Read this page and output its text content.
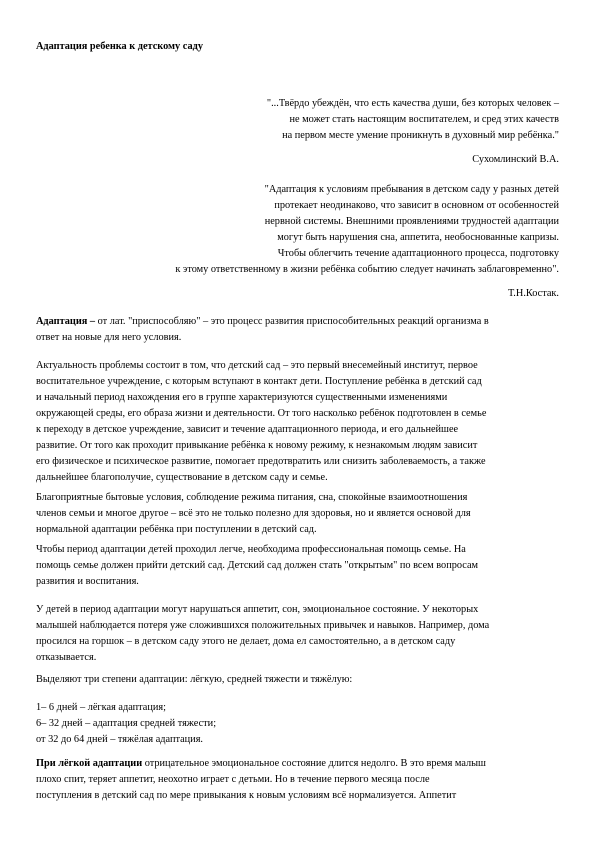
Адаптация ребенка к детскому саду
"...Твёрдо убеждён, что есть качества души, без которых человек –
не может стать настоящим воспитателем, и сред этих качеств
на первом месте умение проникнуть в духовный мир ребёнка."
Сухомлинский В.А.
"Адаптация к условиям пребывания в детском саду у разных детей
протекает неодинаково, что зависит в основном от особенностей
нервной системы. Внешними проявлениями трудностей адаптации
могут быть нарушения сна, аппетита, необоснованные капризы.
Чтобы облегчить течение адаптационного процесса, подготовку
к этому ответственному в жизни ребёнка событию следует начинать заблаговременно".
Т.Н.Костак.
Адаптация – от лат. "приспособляю" – это процесс развития приспособительных реакций организма в
ответ на новые для него условия.
Актуальность проблемы состоит в том, что детский сад – это первый внесемейный институт, первое
воспитательное учреждение, с которым вступают в контакт дети. Поступление ребёнка в детский сад
и начальный период нахождения его в группе характеризуются существенными изменениями
окружающей среды, его образа жизни и деятельности. От того насколько ребёнок подготовлен в семье
к переходу в детское учреждение, зависит и течение адаптационного периода, и его дальнейшее
развитие. От того как проходит привыкание ребёнка к новому режиму, к незнакомым людям зависит
его физическое и психическое развитие, помогает предотвратить или снизить заболеваемость, а также
дальнейшее благополучие, существование в детском саду и семье.
Благоприятные бытовые условия, соблюдение режима питания, сна, спокойные взаимоотношения
членов семьи и многое другое – всё это не только полезно для здоровья, но и является основой для
нормальной адаптации ребёнка при поступлении в детский сад.
Чтобы период адаптации детей проходил легче, необходима профессиональная помощь семье. На
помощь семье должен прийти детский сад. Детский сад должен стать "открытым" по всем вопросам
развития и воспитания.
У детей в период адаптации могут нарушаться аппетит, сон, эмоциональное состояние. У некоторых
малышей наблюдается потеря уже сложившихся положительных привычек и навыков. Например, дома
просился на горшок – в детском саду этого не делает, дома ел самостоятельно, а в детском саду
отказывается.
Выделяют три степени адаптации: лёгкую, средней тяжести и тяжёлую:
1– 6 дней – лёгкая адаптация;
6– 32 дней – адаптация средней тяжести;
от 32 до 64 дней – тяжёлая адаптация.
При лёгкой адаптации отрицательное эмоциональное состояние длится недолго. В это время малыш
плохо спит, теряет аппетит, неохотно играет с детьми. Но в течение первого месяца после
поступления в детский сад по мере привыкания к новым условиям всё нормализуется. Аппетит
